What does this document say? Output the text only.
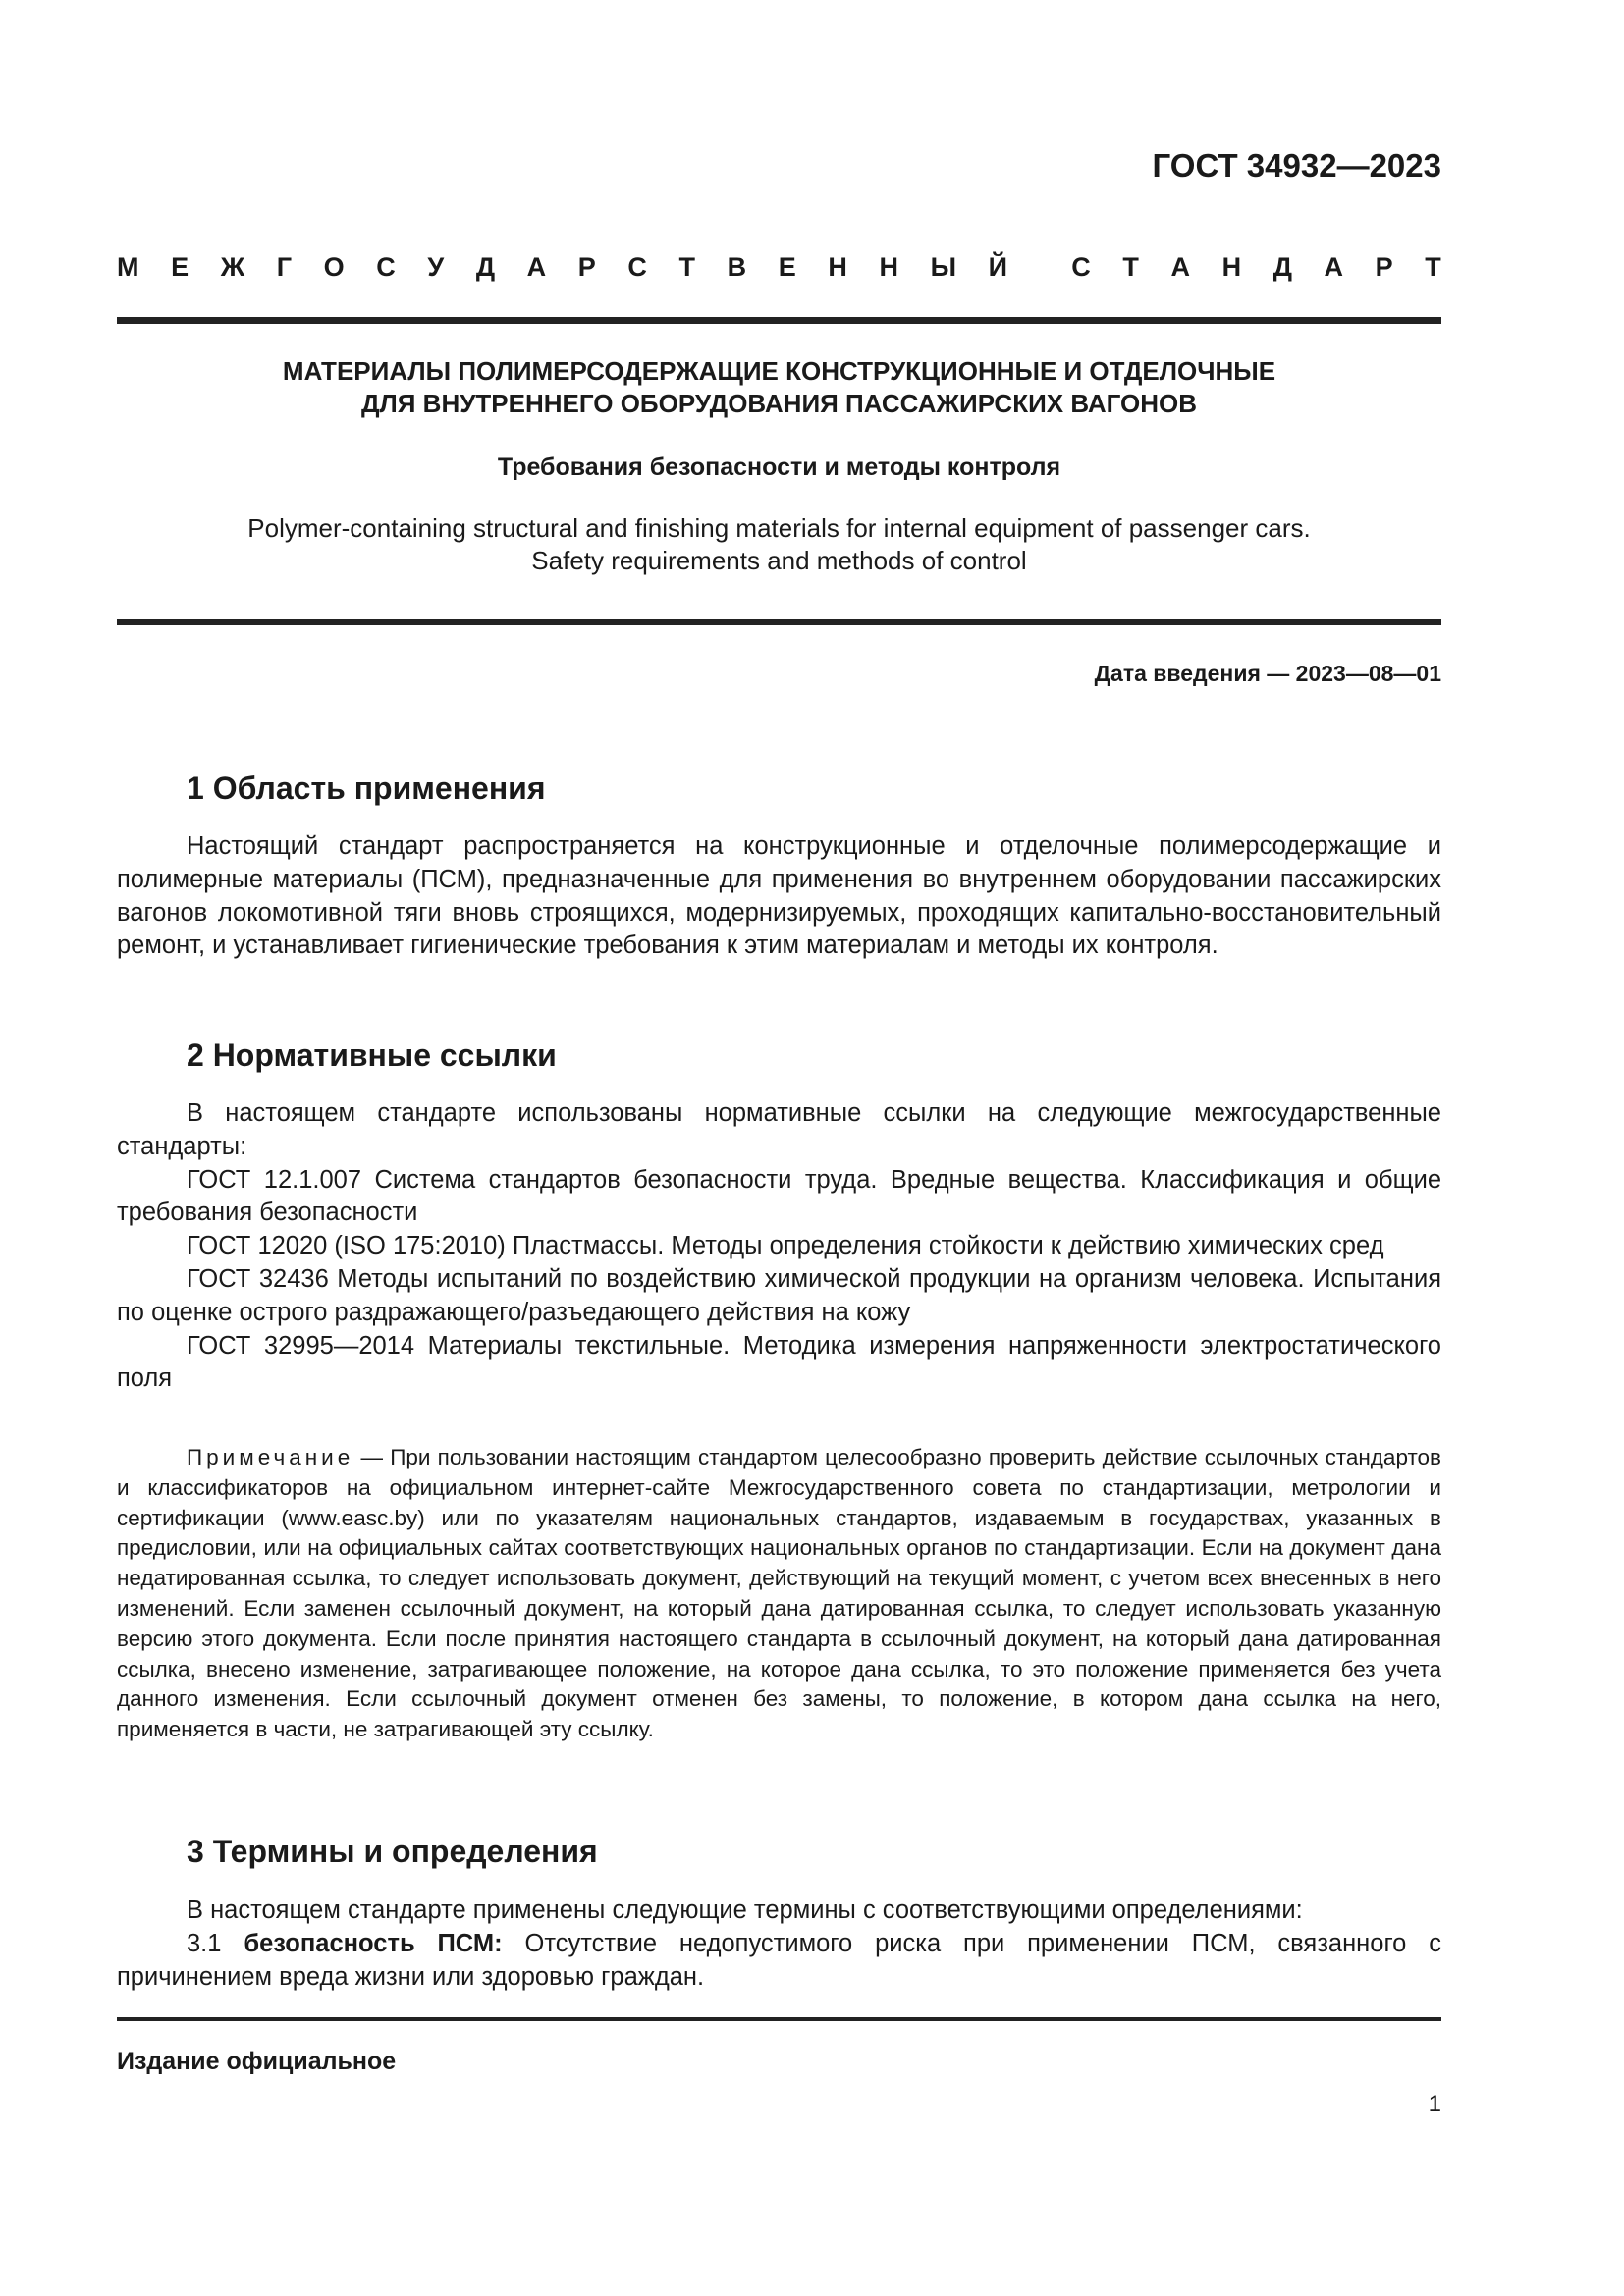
ГОСТ 34932—2023
М Е Ж Г О С У Д А Р С Т В Е Н Н Ы Й С Т А Н Д А Р Т
МАТЕРИАЛЫ ПОЛИМЕРСОДЕРЖАЩИЕ КОНСТРУКЦИОННЫЕ И ОТДЕЛОЧНЫЕ
ДЛЯ ВНУТРЕННЕГО ОБОРУДОВАНИЯ ПАССАЖИРСКИХ ВАГОНОВ
Требования безопасности и методы контроля
Polymer-containing structural and finishing materials for internal equipment of passenger cars.
Safety requirements and methods of control
Дата введения — 2023—08—01
1 Область применения

Настоящий стандарт распространяется на конструкционные и отделочные полимерсодержащие и полимерные материалы (ПСМ), предназначенные для применения во внутреннем оборудовании пассажирских вагонов локомотивной тяги вновь строящихся, модернизируемых, проходящих капитально-восстановительный ремонт, и устанавливает гигиенические требования к этим материалам и методы их контроля.

2 Нормативные ссылки

В настоящем стандарте использованы нормативные ссылки на следующие межгосударственные стандарты:

ГОСТ 12.1.007 Система стандартов безопасности труда. Вредные вещества. Классификация и общие требования безопасности

ГОСТ 12020 (ISO 175:2010) Пластмассы. Методы определения стойкости к действию химических сред

ГОСТ 32436 Методы испытаний по воздействию химической продукции на организм человека. Испытания по оценке острого раздражающего/разъедающего действия на кожу

ГОСТ 32995—2014 Материалы текстильные. Методика измерения напряженности электростатического поля

Примечание — При пользовании настоящим стандартом целесообразно проверить действие ссылочных стандартов и классификаторов на официальном интернет-сайте Межгосударственного совета по стандартизации, метрологии и сертификации (www.easc.by) или по указателям национальных стандартов, издаваемым в государствах, указанных в предисловии, или на официальных сайтах соответствующих национальных органов по стандартизации. Если на документ дана недатированная ссылка, то следует использовать документ, действующий на текущий момент, с учетом всех внесенных в него изменений. Если заменен ссылочный документ, на который дана датированная ссылка, то следует использовать указанную версию этого документа. Если после принятия настоящего стандарта в ссылочный документ, на который дана датированная ссылка, внесено изменение, затрагивающее положение, на которое дана ссылка, то это положение применяется без учета данного изменения. Если ссылочный документ отменен без замены, то положение, в котором дана ссылка на него, применяется в части, не затрагивающей эту ссылку.

3 Термины и определения

В настоящем стандарте применены следующие термины с соответствующими определениями:

3.1 безопасность ПСМ: Отсутствие недопустимого риска при применении ПСМ, связанного с причинением вреда жизни или здоровью граждан.

Издание официальное
1
